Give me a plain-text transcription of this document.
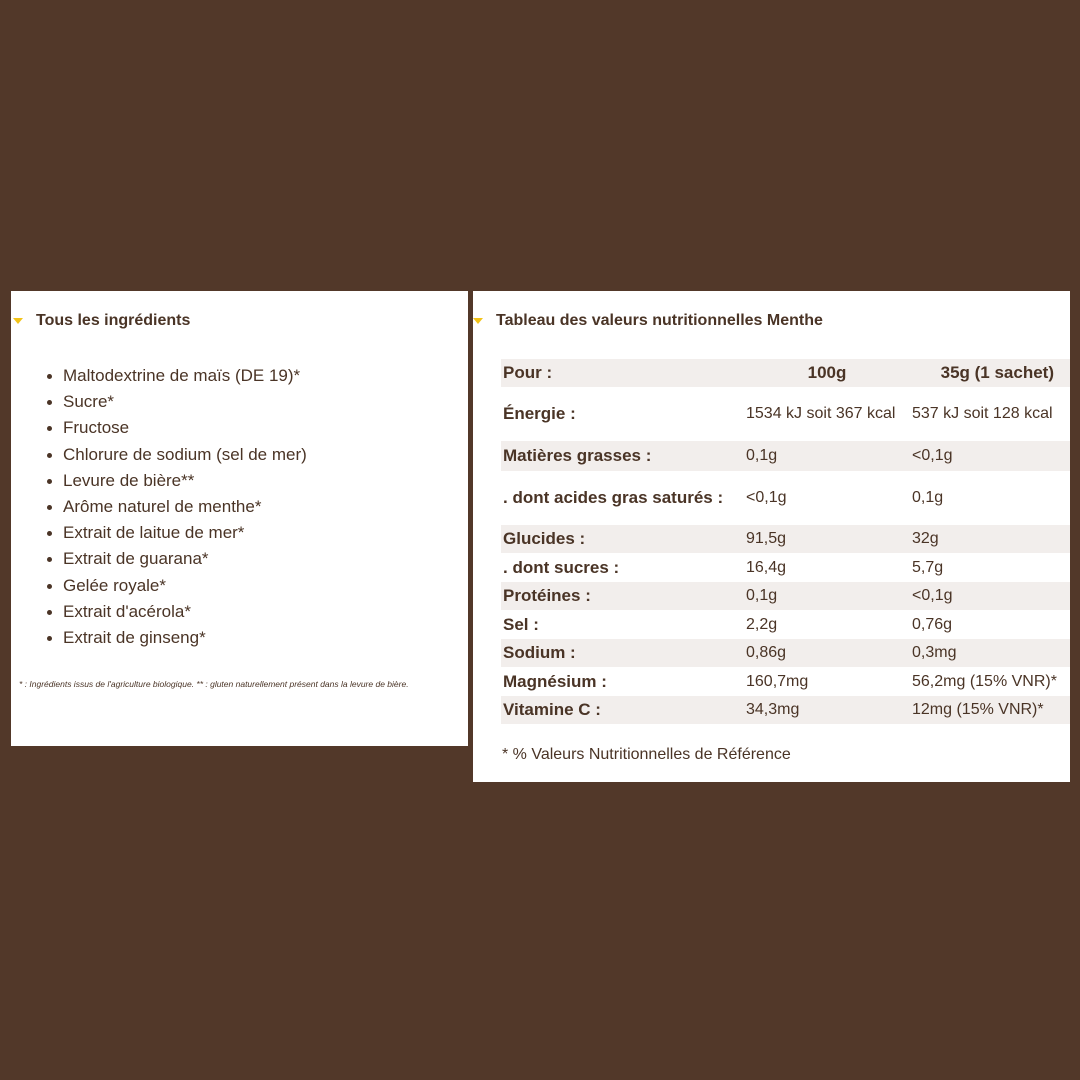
Tous les ingrédients
Maltodextrine de maïs (DE 19)*
Sucre*
Fructose
Chlorure de sodium (sel de mer)
Levure de bière**
Arôme naturel de menthe*
Extrait de laitue de mer*
Extrait de guarana*
Gelée royale*
Extrait d'acérola*
Extrait de ginseng*
* : Ingrédients issus de l'agriculture biologique. ** : gluten naturellement présent dans la levure de bière.
Tableau des valeurs nutritionnelles Menthe
Pour :	100g	35g (1 sachet)
Énergie :	1534 kJ soit 367 kcal	537 kJ soit 128 kcal
Matières grasses :	0,1g	<0,1g
. dont acides gras saturés :	<0,1g	0,1g
Glucides :	91,5g	32g
. dont sucres :	16,4g	5,7g
Protéines :	0,1g	<0,1g
Sel :	2,2g	0,76g
Sodium :	0,86g	0,3mg
Magnésium :	160,7mg	56,2mg (15% VNR)*
Vitamine C :	34,3mg	12mg (15% VNR)*
* % Valeurs Nutritionnelles de Référence
